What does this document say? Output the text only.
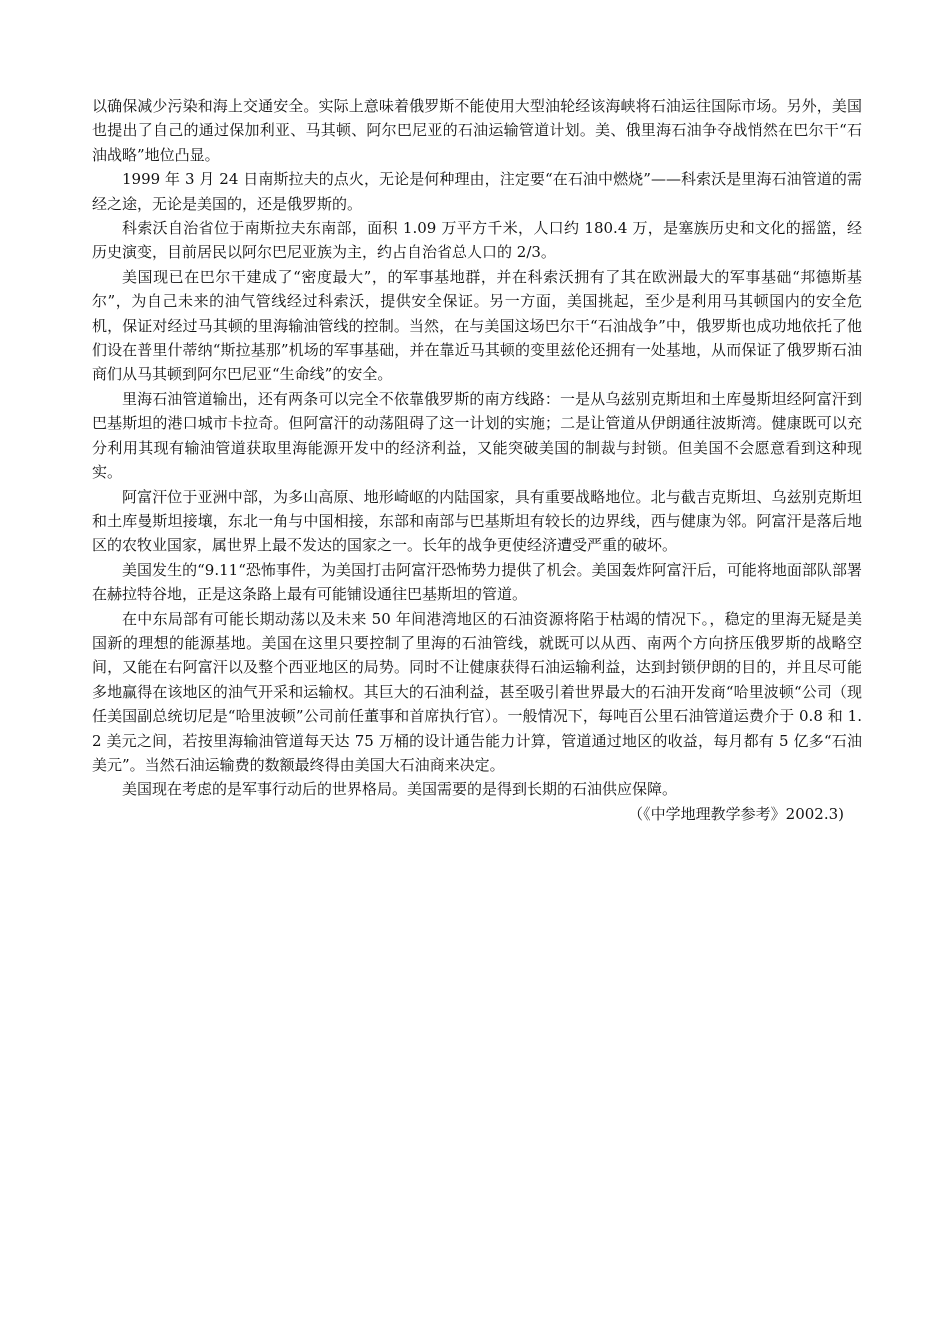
以确保减少污染和海上交通安全。实际上意味着俄罗斯不能使用大型油轮经该海峡将石油运往国际市场。另外，美国也提出了自己的通过保加利亚、马其顿、阿尔巴尼亚的石油运输管道计划。美、俄里海石油争夺战悄然在巴尔干“石油战略”地位凸显。

1999 年 3 月 24 日南斯拉夫的点火，无论是何种理由，注定要“在石油中燃烧”——科索沃是里海石油管道的需经之途，无论是美国的，还是俄罗斯的。

科索沃自治省位于南斯拉夫东南部，面积 1.09 万平方千米，人口约 180.4 万，是塞族历史和文化的摇篮，经历史演变，目前居民以阿尔巴尼亚族为主，约占自治省总人口的 2/3。

美国现已在巴尔干建成了“密度最大”，的军事基地群，并在科索沃拥有了其在欧洲最大的军事基础“邦德斯基尔”，为自己未来的油气管线经过科索沃，提供安全保证。另一方面，美国挑起，至少是利用马其顿国内的安全危机，保证对经过马其顿的里海输油管线的控制。当然，在与美国这场巴尔干“石油战争”中，俄罗斯也成功地依托了他们设在普里什蒂纳“斯拉基那”机场的军事基础，并在靠近马其顿的变里兹伦还拥有一处基地，从而保证了俄罗斯石油商们从马其顿到阿尔巴尼亚“生命线”的安全。

里海石油管道输出，还有两条可以完全不依靠俄罗斯的南方线路：一是从乌兹别克斯坦和土库曼斯坦经阿富汗到巴基斯坦的港口城市卡拉奇。但阿富汗的动荡阻碍了这一计划的实施；二是让管道从伊朗通往波斯湾。健康既可以充分利用其现有输油管道获取里海能源开发中的经济利益，又能突破美国的制裁与封锁。但美国不会愿意看到这种现实。

阿富汗位于亚洲中部，为多山高原、地形崎岖的内陆国家，具有重要战略地位。北与截吉克斯坦、乌兹别克斯坦和土库曼斯坦接壤，东北一角与中国相接，东部和南部与巴基斯坦有较长的边界线，西与健康为邻。阿富汗是落后地区的农牧业国家，属世界上最不发达的国家之一。长年的战争更使经济遭受严重的破坏。

美国发生的“9.11“恐怖事件，为美国打击阿富汗恐怖势力提供了机会。美国轰炸阿富汗后，可能将地面部队部署在赫拉特谷地，正是这条路上最有可能铺设通往巴基斯坦的管道。

在中东局部有可能长期动荡以及未来 50 年间港湾地区的石油资源将陷于枯竭的情况下。，稳定的里海无疑是美国新的理想的能源基地。美国在这里只要控制了里海的石油管线，就既可以从西、南两个方向挤压俄罗斯的战略空间，又能在右阿富汗以及整个西亚地区的局势。同时不让健康获得石油运输利益，达到封锁伊朗的目的，并且尽可能多地赢得在该地区的油气开采和运输权。其巨大的石油利益，甚至吸引着世界最大的石油开发商“哈里波顿“公司（现任美国副总统切尼是“哈里波顿”公司前任董事和首席执行官）。一般情况下，每吨百公里石油管道运费介于 0.8 和 1.2 美元之间，若按里海输油管道每天达 75 万桶的设计通告能力计算，管道通过地区的收益，每月都有 5 亿多“石油美元”。当然石油运输费的数额最终得由美国大石油商来决定。

美国现在考虑的是军事行动后的世界格局。美国需要的是得到长期的石油供应保障。

（《中学地理教学参考》2002.3)
